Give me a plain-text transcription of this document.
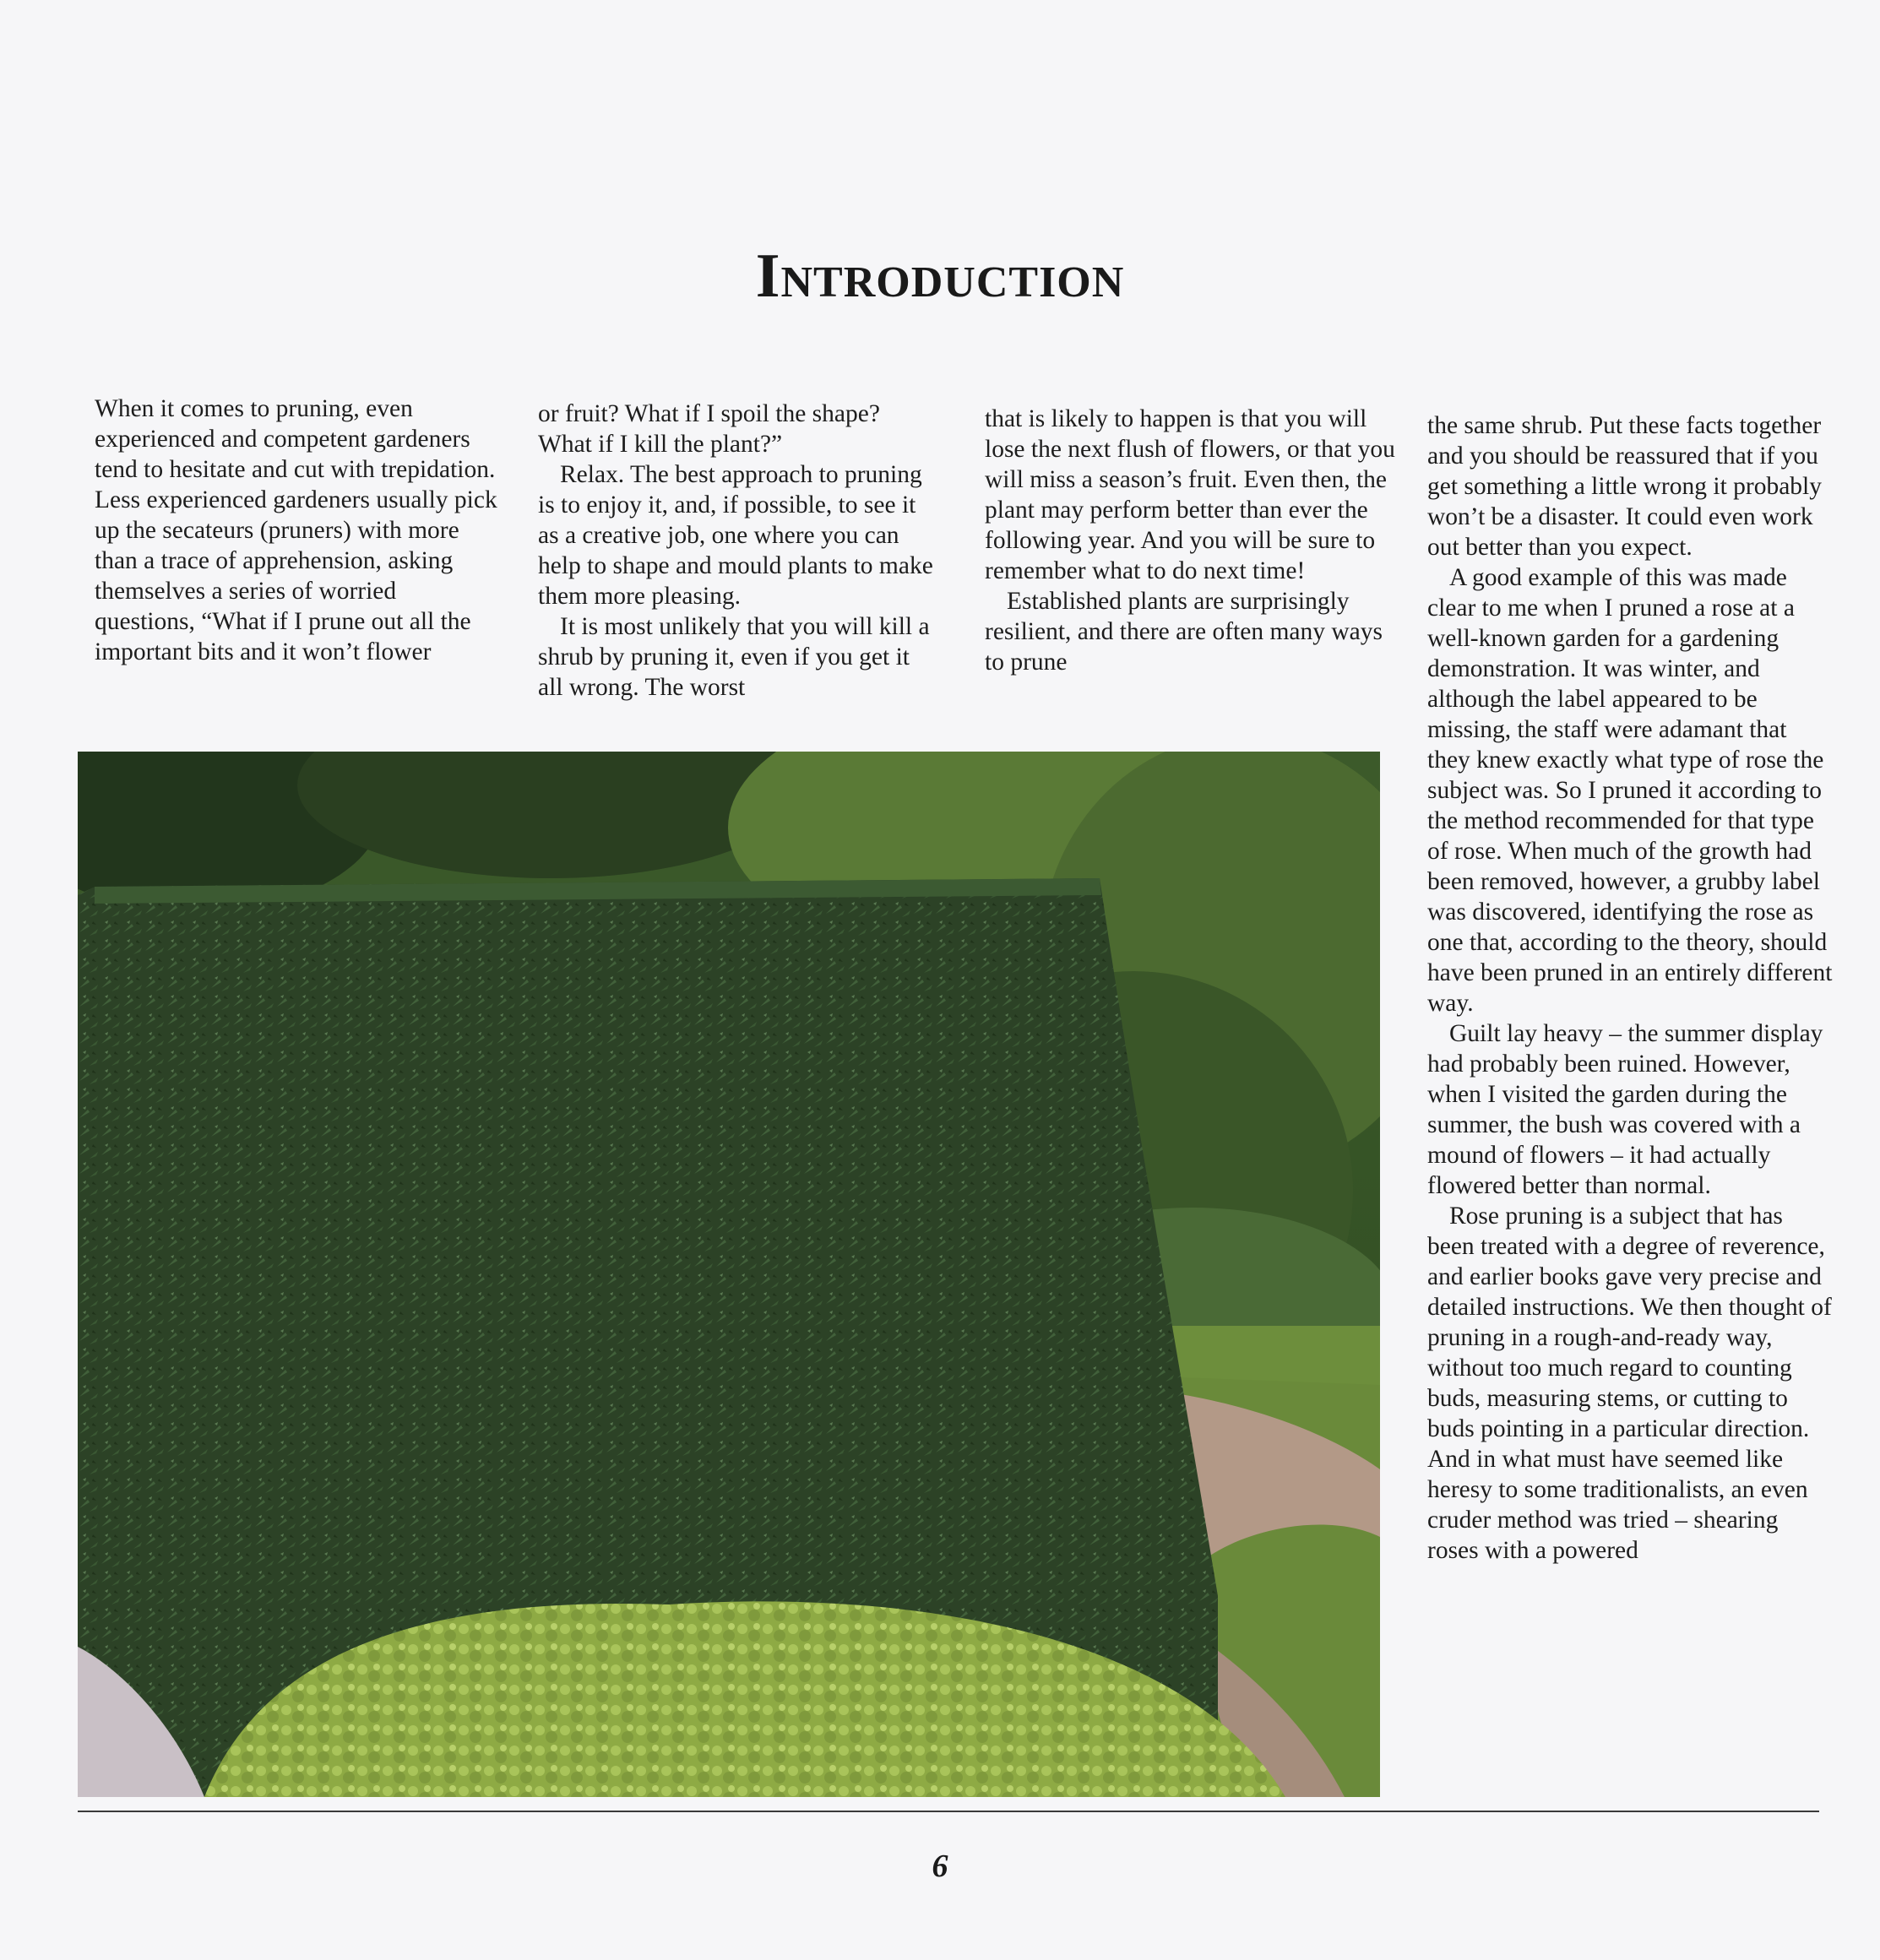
Introduction

When it comes to pruning, even experienced and competent gardeners tend to hesitate and cut with trepidation. Less experienced gardeners usually pick up the secateurs (pruners) with more than a trace of apprehension, asking themselves a series of worried questions, “What if I prune out all the important bits and it won’t flower

or fruit? What if I spoil the shape? What if I kill the plant?”

Relax. The best approach to pruning is to enjoy it, and, if possible, to see it as a creative job, one where you can help to shape and mould plants to make them more pleasing.

It is most unlikely that you will kill a shrub by pruning it, even if you get it all wrong. The worst

that is likely to happen is that you will lose the next flush of flowers, or that you will miss a season’s fruit. Even then, the plant may perform better than ever the following year. And you will be sure to remember what to do next time!

Established plants are surprisingly resilient, and there are often many ways to prune

the same shrub. Put these facts together and you should be reassured that if you get something a little wrong it probably won’t be a disaster. It could even work out better than you expect.

A good example of this was made clear to me when I pruned a rose at a well-known garden for a gardening demonstration. It was winter, and although the label appeared to be missing, the staff were adamant that they knew exactly what type of rose the subject was. So I pruned it according to the method recommended for that type of rose. When much of the growth had been removed, however, a grubby label was discovered, identifying the rose as one that, according to the theory, should have been pruned in an entirely different way.

Guilt lay heavy – the summer display had probably been ruined. However, when I visited the garden during the summer, the bush was covered with a mound of flowers – it had actually flowered better than normal.

Rose pruning is a subject that has been treated with a degree of reverence, and earlier books gave very precise and detailed instructions. We then thought of pruning in a rough-and-ready way, without too much regard to counting buds, measuring stems, or cutting to buds pointing in a particular direction. And in what must have seemed like heresy to some traditionalists, an even cruder method was tried – shearing roses with a powered

6
